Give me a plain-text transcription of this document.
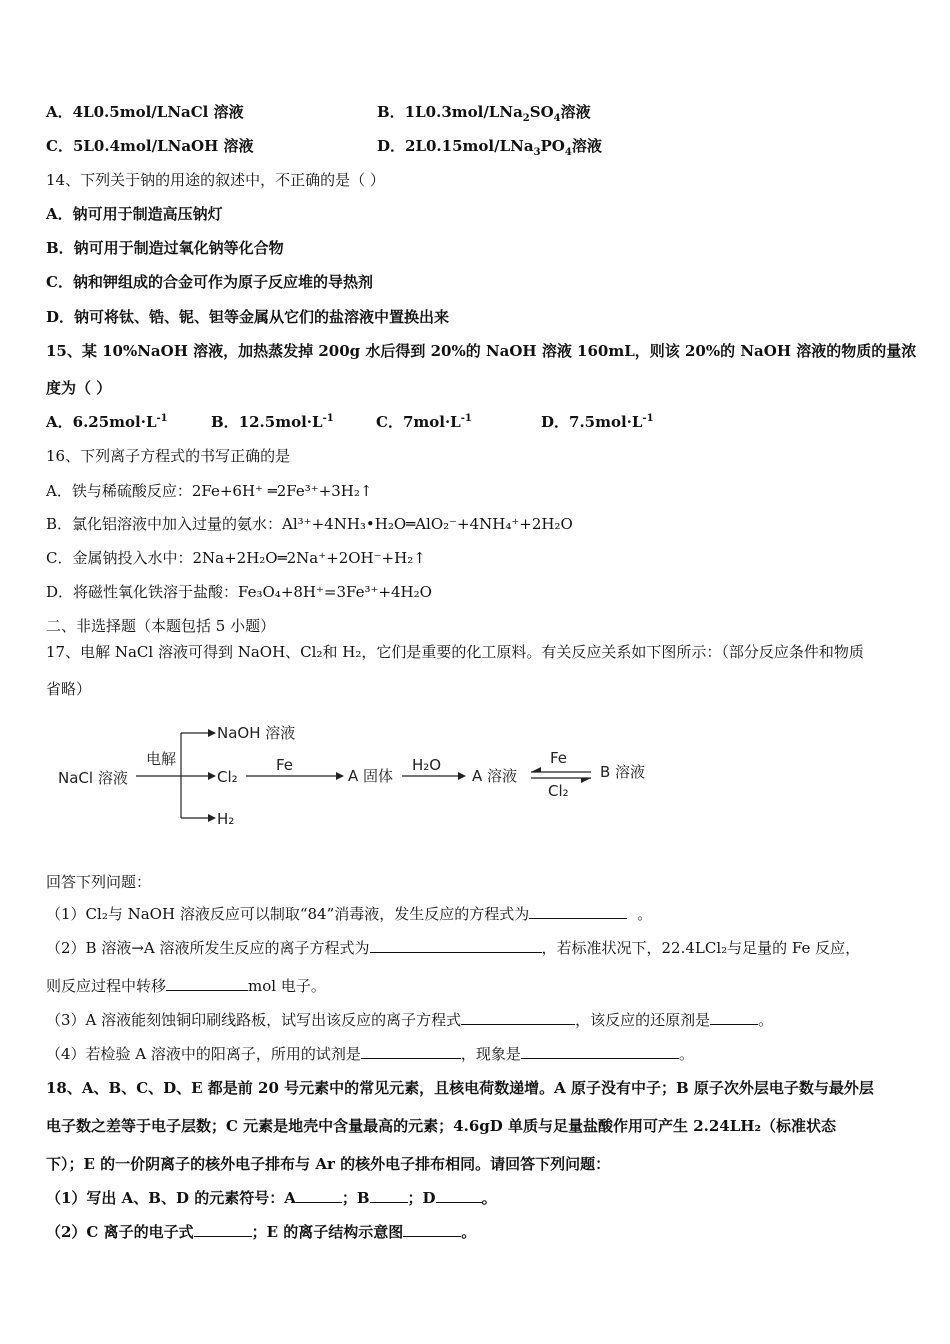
A．4L0.5mol/LNaCl 溶液	B．$1L0.3mol/LNa_2SO_4$溶液
C．5L0.4mol/LNaOH 溶液	D．$2L0.15mol/LNa_3PO_4$溶液
14、下列关于钠的用途的叙述中，不正确的是（ ）
A．钠可用于制造高压钠灯
B．钠可用于制造过氧化钠等化合物
C．钠和钾组成的合金可作为原子反应堆的导热剂
D．钠可将钛、锆、铌、钽等金属从它们的盐溶液中置换出来
15、某 10%NaOH 溶液，加热蒸发掉 200g 水后得到 20%的 NaOH 溶液 160mL，则该 20%的 NaOH 溶液的物质的量浓
度为（ ）
A．$6.25mol\cdot L^{-1}$	B．$12.5mol\cdot L^{-1}$	C．$7mol\cdot L^{-1}$	D．$7.5mol\cdot L^{-1}$
16、下列离子方程式的书写正确的是
A．铁与稀硫酸反应：2Fe+6H⁺ ═2Fe³⁺+3H₂↑
B．氯化铝溶液中加入过量的氨水：Al³⁺+4NH₃•H₂O═AlO₂⁻+4NH₄⁺+2H₂O
C．金属钠投入水中：2Na+2H₂O═2Na⁺+2OH⁻+H₂↑
D．将磁性氧化铁溶于盐酸：Fe₃O₄+8H⁺=3Fe³⁺+4H₂O
二、非选择题（本题包括 5 小题）
17、电解 NaCl 溶液可得到 NaOH、Cl₂和 H₂，它们是重要的化工原料。有关反应关系如下图所示：（部分反应条件和物质
省略）
NaCl 溶液
电解
NaOH 溶液
Cl₂
H₂
Fe
A 固体
H₂O
A 溶液
Fe
Cl₂
B 溶液
回答下列问题：
（1）Cl₂与 NaOH 溶液反应可以制取“84”消毒液，发生反应的方程式为	。
（2）B 溶液→A 溶液所发生反应的离子方程式为	，若标准状况下，22.4LCl₂与足量的 Fe 反应，
则反应过程中转移	mol 电子。
（3）A 溶液能刻蚀铜印刷线路板，试写出该反应的离子方程式	，该反应的还原剂是	。
（4）若检验 A 溶液中的阳离子，所用的试剂是	，现象是	。
18、A、B、C、D、E 都是前 20 号元素中的常见元素，且核电荷数递增。A 原子没有中子；B 原子次外层电子数与最外层
电子数之差等于电子层数；C 元素是地壳中含量最高的元素；4.6gD 单质与足量盐酸作用可产生 2.24LH₂（标准状态
下）；E 的一价阴离子的核外电子排布与 Ar 的核外电子排布相同。请回答下列问题：
（1）写出 A、B、D 的元素符号：A	；B	；D	。
（2）C 离子的电子式	；E 的离子结构示意图	。
